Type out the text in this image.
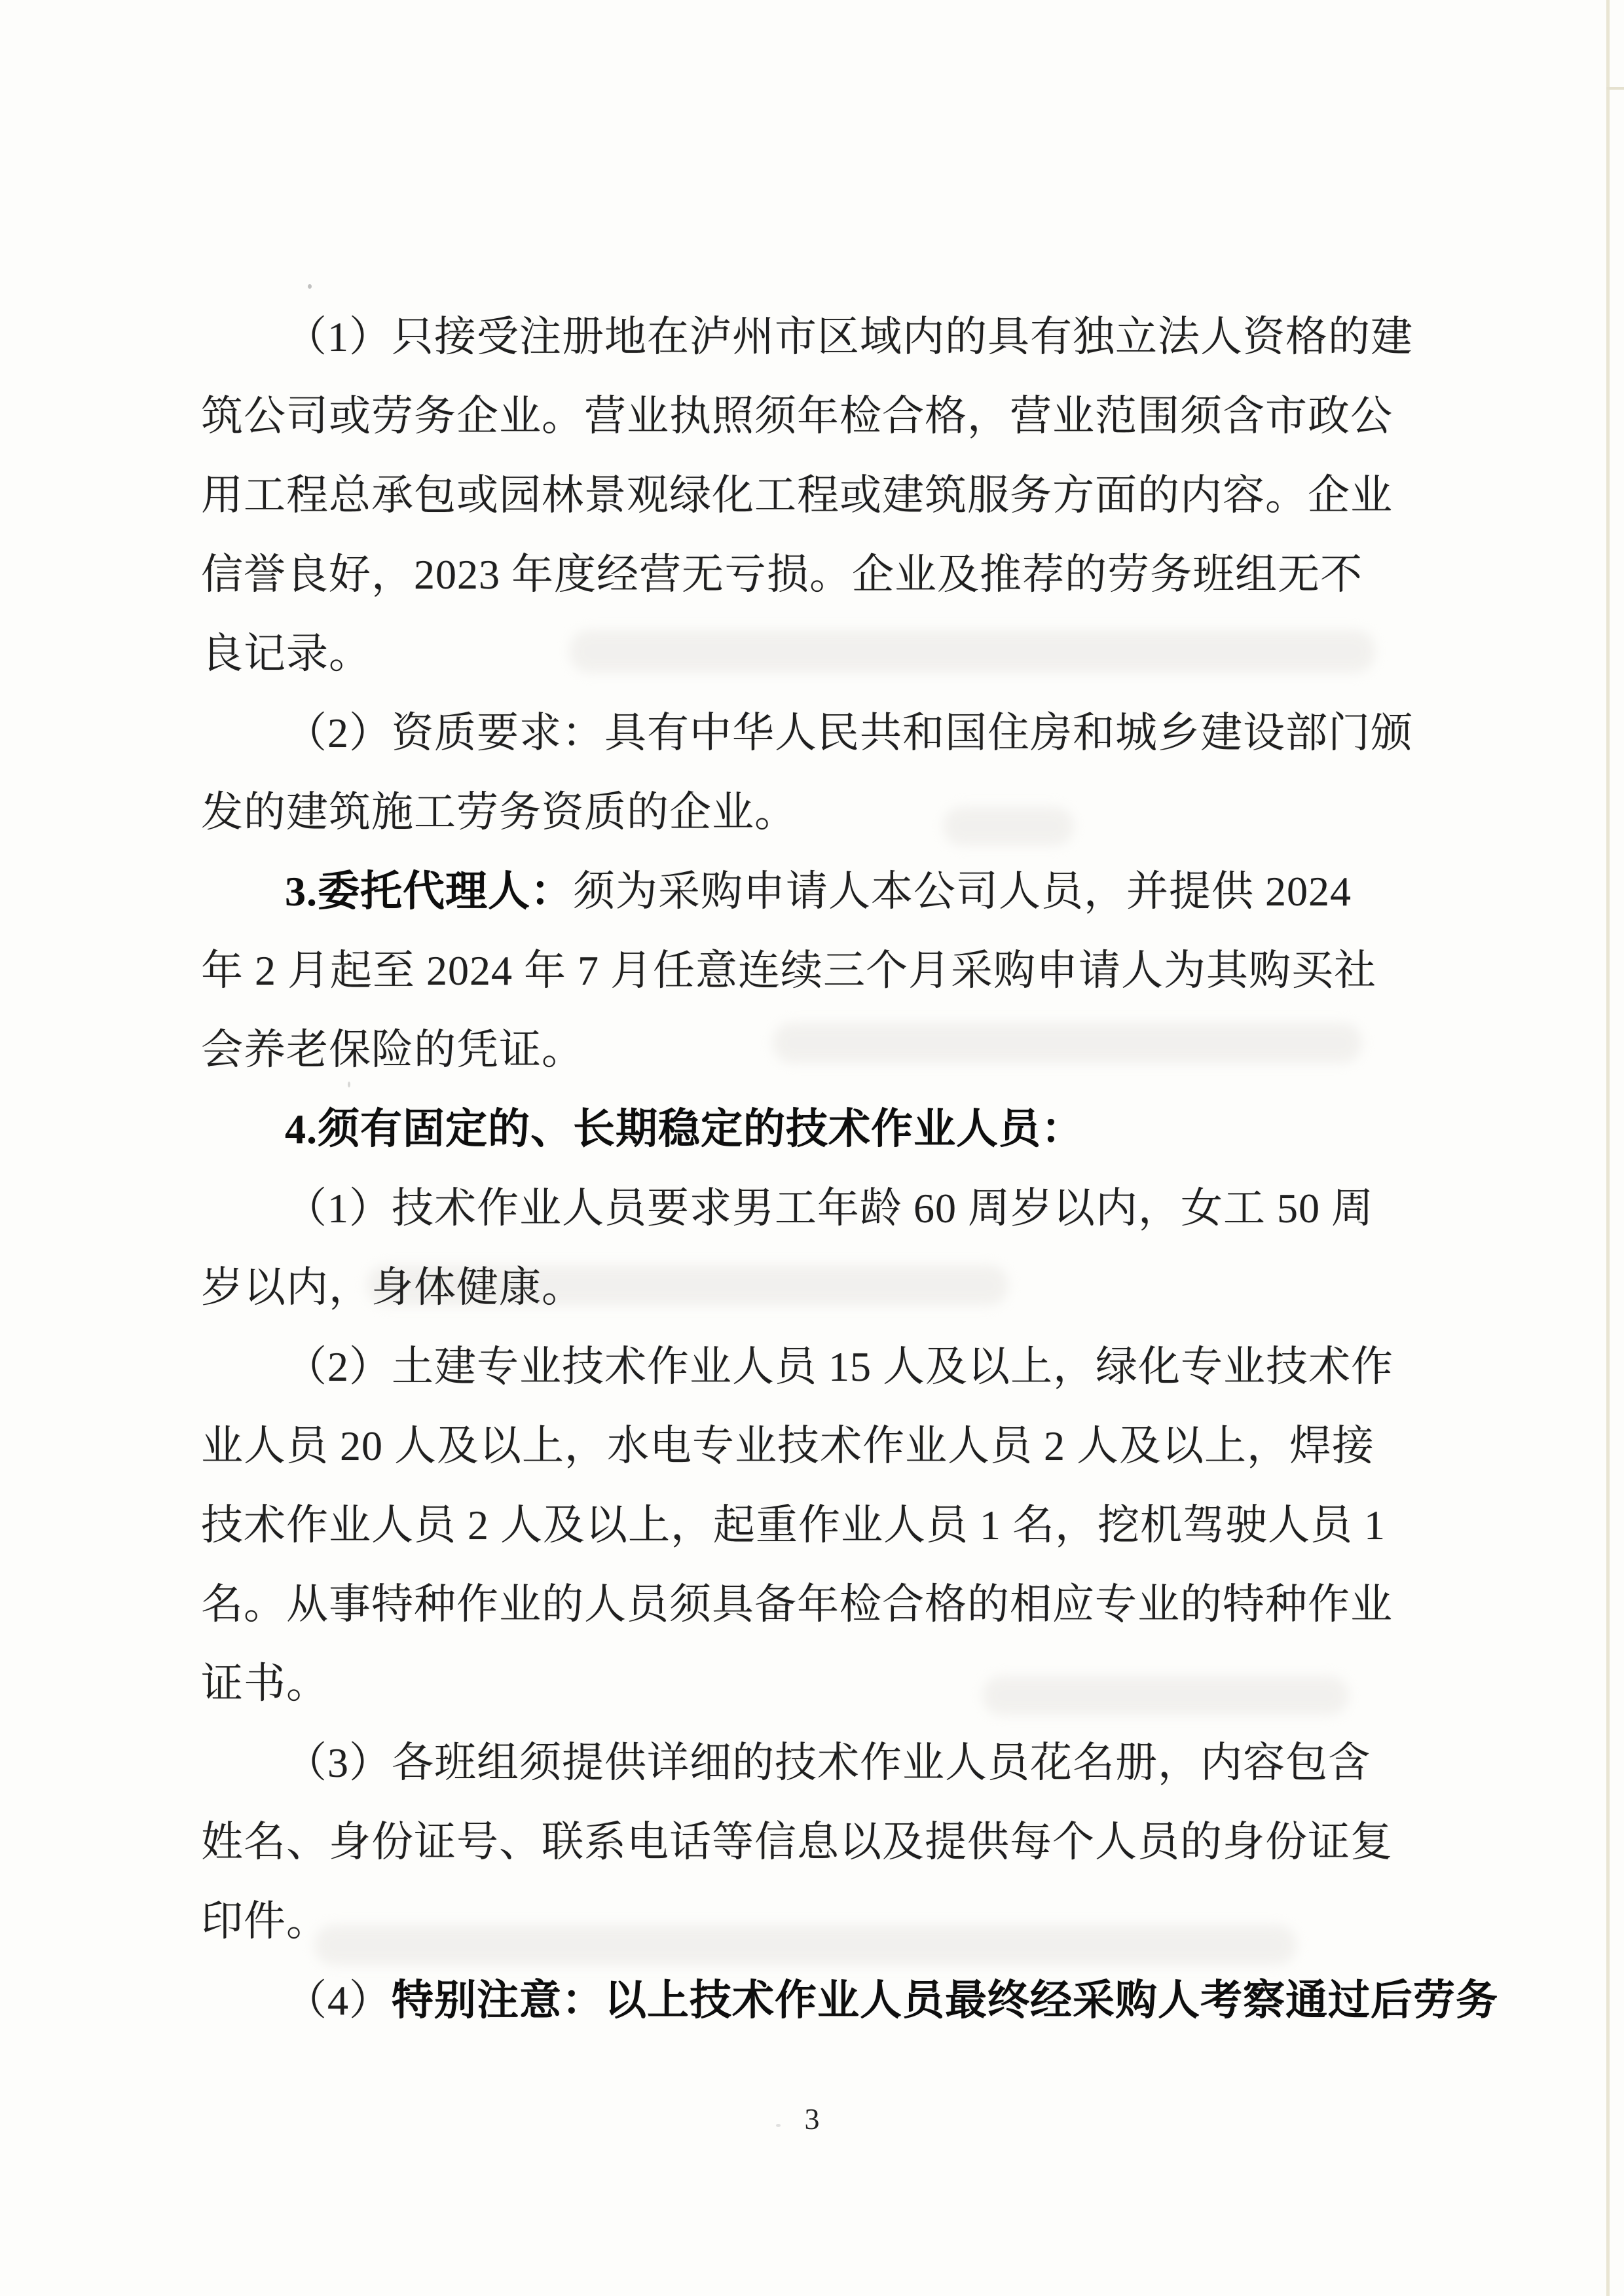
（1）只接受注册地在泸州市区域内的具有独立法人资格的建
筑公司或劳务企业。营业执照须年检合格，营业范围须含市政公
用工程总承包或园林景观绿化工程或建筑服务方面的内容。企业
信誉良好，2023 年度经营无亏损。企业及推荐的劳务班组无不
良记录。
（2）资质要求：具有中华人民共和国住房和城乡建设部门颁
发的建筑施工劳务资质的企业。
3.委托代理人：须为采购申请人本公司人员，并提供 2024
年 2 月起至 2024 年 7 月任意连续三个月采购申请人为其购买社
会养老保险的凭证。
4.须有固定的、长期稳定的技术作业人员：
（1）技术作业人员要求男工年龄 60 周岁以内，女工 50 周
岁以内，身体健康。
（2）土建专业技术作业人员 15 人及以上，绿化专业技术作
业人员 20 人及以上，水电专业技术作业人员 2 人及以上，焊接
技术作业人员 2 人及以上，起重作业人员 1 名，挖机驾驶人员 1
名。从事特种作业的人员须具备年检合格的相应专业的特种作业
证书。
（3）各班组须提供详细的技术作业人员花名册，内容包含
姓名、身份证号、联系电话等信息以及提供每个人员的身份证复
印件。
（4）特别注意：以上技术作业人员最终经采购人考察通过后劳务
3
